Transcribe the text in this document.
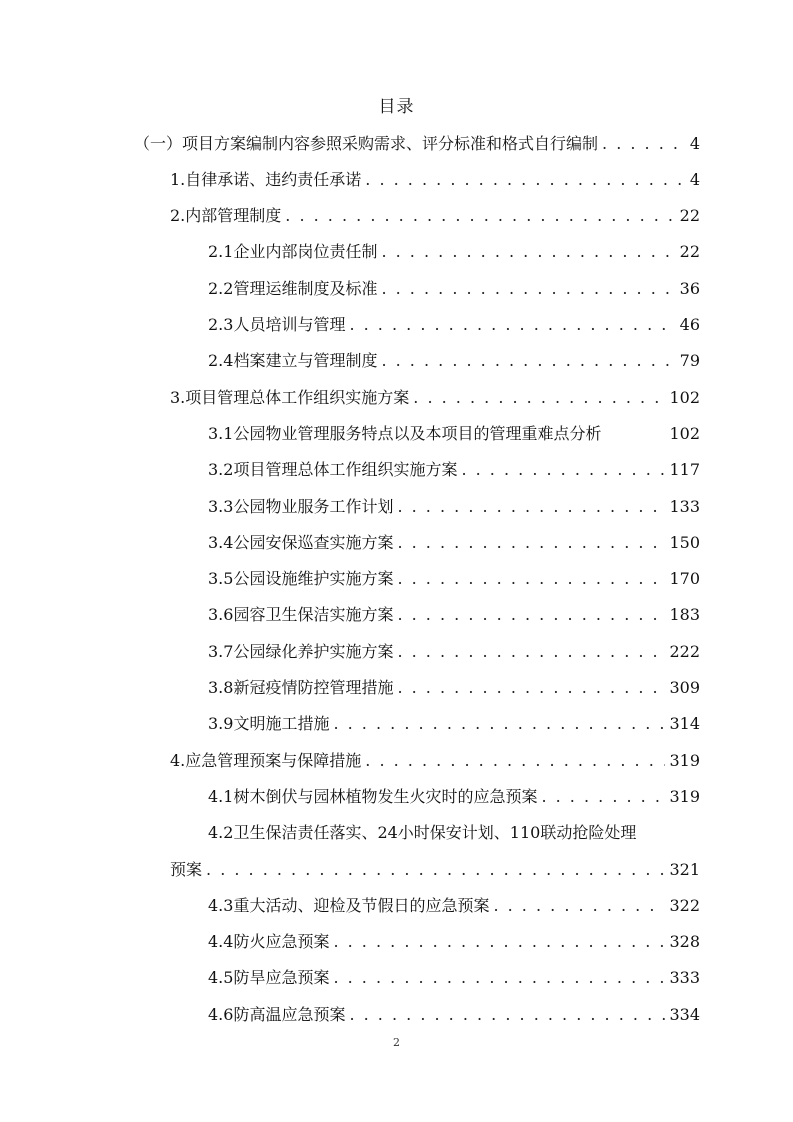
目录
（一）项目方案编制内容参照采购需求、评分标准和格式自行编制 . . .	4
1.自律承诺、违约责任承诺 . . .	4
2.内部管理制度 . . .	22
2.1企业内部岗位责任制 . . .	22
2.2管理运维制度及标准 . . .	36
2.3人员培训与管理 . . .	46
2.4档案建立与管理制度 . . .	79
3.项目管理总体工作组织实施方案 . . .	102
3.1公园物业管理服务特点以及本项目的管理重难点分析	102
3.2项目管理总体工作组织实施方案 . . .	117
3.3公园物业服务工作计划 . . .	133
3.4公园安保巡查实施方案 . . .	150
3.5公园设施维护实施方案 . . .	170
3.6园容卫生保洁实施方案 . . .	183
3.7公园绿化养护实施方案 . . .	222
3.8新冠疫情防控管理措施 . . .	309
3.9文明施工措施 . . .	314
4.应急管理预案与保障措施 . . .	319
4.1树木倒伏与园林植物发生火灾时的应急预案 . . .	319
4.2卫生保洁责任落实、24小时保安计划、110联动抢险处理
预案 . . .	321
4.3重大活动、迎检及节假日的应急预案 . . .	322
4.4防火应急预案 . . .	328
4.5防旱应急预案 . . .	333
4.6防高温应急预案 . . .	334
2
